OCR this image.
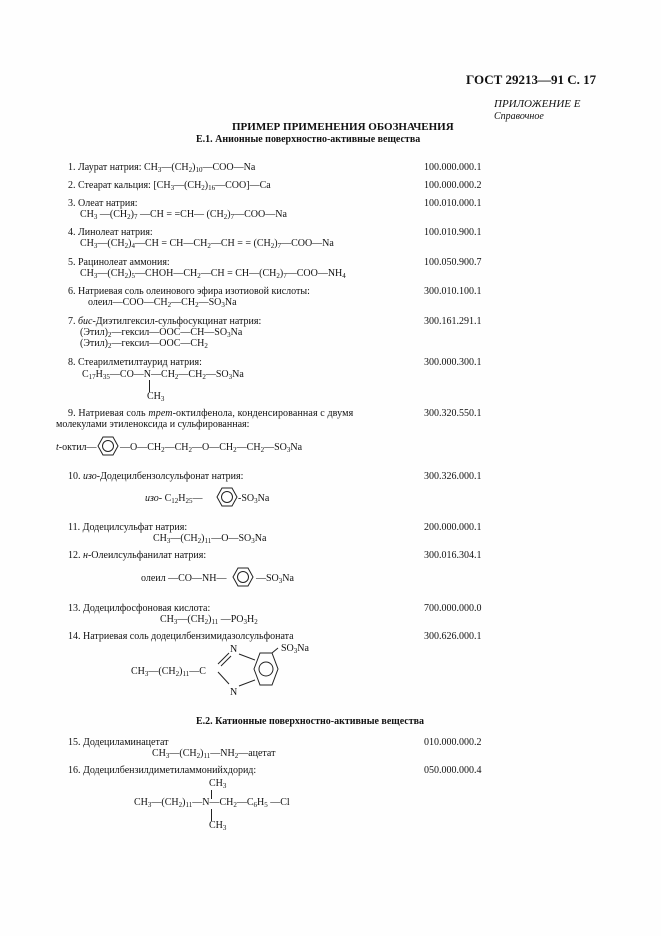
ГОСТ 29213—91 С. 17
ПРИЛОЖЕНИЕ Е
Справочное
ПРИМЕР ПРИМЕНЕНИЯ ОБОЗНАЧЕНИЯ
Е.1. Анионные поверхностно-активные вещества
1. Лаурат натрия: $CH_3—(CH_2)_{10}—COO—Na$	100.000.000.1
2. Стеарат кальция: $[CH_3—(CH_2)_{16}—COO]—Ca$	100.000.000.2
3. Олеат натрия:
$CH_3$ $—(CH_2)_7$ —CH = =CH— $(CH_2)_7—COO—Na$
100.010.000.1
4. Линолеат натрия:
$CH_3—(CH_2)_4—CH$ = $CH—CH_2—CH$ = = $(CH_2)_7—COO—Na$
100.010.900.1
5. Рацинолеат аммония:
$CH_3—(CH_2)_5—CHOH—CH_2—CH$ = $CH—(CH_2)_7—COO—NH_4$
100.050.900.7
6. Натриевая соль олеинового эфира изотиовой кислоты:
$олеил—COO—CH_2—CH_2—SO_3Na$
300.010.100.1
7. бис-Диэтилгексил-сульфосукцинат натрия:
$(Этил)_2—гексил—OOC—CH—SO_3Na$
$(Этил)_2—гексил—OOC—CH_2$
300.161.291.1
8. Стеарилметилтаурид натрия:
$C_{17}H_{35}—CO—N—CH_2—CH_2—SO_3Na$
$CH_3$
300.000.300.1
9. Натриевая соль трет-октилфенола, конденсированная с двумя
молекулами этиленоксида и сульфированная:
t-октил— $—O—CH_2—CH_2—O—CH_2—CH_2—SO_3Na$
300.320.550.1
10. изо-Додецилбензолсульфонат натрия:
изо- $C_{12}H_{25}—$	$-SO_3Na$
300.326.000.1
11. Додецилсульфат натрия:
$CH_3—(CH_2)_{11}—O—SO_3Na$
200.000.000.1
12. н-Олеилсульфанилат натрия:
олеил —CO—NH—	$—SO_3Na$
300.016.304.1
13. Додецилфосфоновая кислота:
$CH_3—(CH_2)_{11}$ $—PO_3H_2$
700.000.000.0
14. Натриевая соль додецилбензимидазолсульфоната	300.626.000.1
$CH_3—(CH_2)_{11}—C$
N
N
$SO_3Na$
Е.2. Катионные поверхностно-активные вещества
15. Додециламинацетат
$CH_3—(CH_2)_{11}—NH_2—ацетат$
010.000.000.2
16. Додецилбензилдиметиламмонийхдорид:
$CH_3$
$CH_3—(CH_2)_{11}—N—CH_2—C_6H_5$ —Cl
$CH_3$
050.000.000.4
